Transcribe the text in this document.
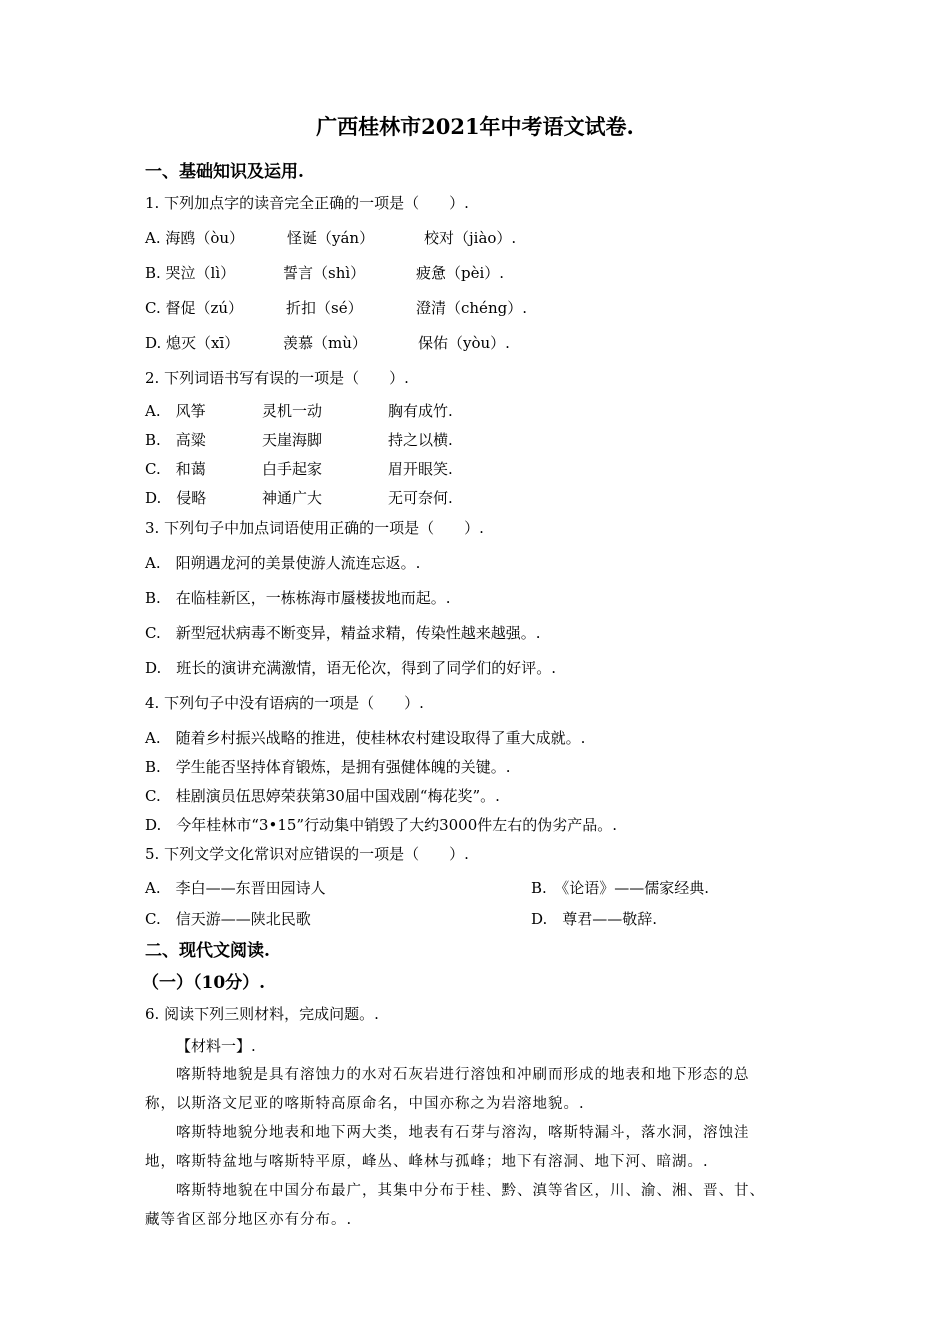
广西桂林市2021年中考语文试卷.
一、基础知识及运用.
1. 下列加点字的读音完全正确的一项是（　　）.
A. 海鸥（òu）	怪诞（yán）	校对（jiào）.
B. 哭泣（lì）	誓言（shì）	疲惫（pèi）.
C. 督促（zú）	折扣（sé）	澄清（chéng）.
D. 熄灭（xī）	羡慕（mù）	保佑（yòu）.
2. 下列词语书写有误的一项是（　　）.
A.　风筝	灵机一动	胸有成竹.
B.　高粱	天崖海脚	持之以横.
C.　和蔼	白手起家	眉开眼笑.
D.　侵略	神通广大	无可奈何.
3. 下列句子中加点词语使用正确的一项是（　　）.
A.　阳朔遇龙河的美景使游人流连忘返。.
B.　在临桂新区，一栋栋海市蜃楼拔地而起。.
C.　新型冠状病毒不断变异，精益求精，传染性越来越强。.
D.　班长的演讲充满激情，语无伦次，得到了同学们的好评。.
4. 下列句子中没有语病的一项是（　　）.
A.　随着乡村振兴战略的推进，使桂林农村建设取得了重大成就。.
B.　学生能否坚持体育锻炼，是拥有强健体魄的关键。.
C.　桂剧演员伍思婷荣获第30届中国戏剧“梅花奖”。.
D.　今年桂林市“3•15”行动集中销毁了大约3000件左右的伪劣产品。.
5. 下列文学文化常识对应错误的一项是（　　）.
A.　李白——东晋田园诗人	B.　《论语》——儒家经典.
C.　信天游——陕北民歌	D.　尊君——敬辞.
二、现代文阅读.
（一）（10分）.
6. 阅读下列三则材料，完成问题。.
【材料一】.
喀斯特地貌是具有溶蚀力的水对石灰岩进行溶蚀和冲刷而形成的地表和地下形态的总
称，以斯洛文尼亚的喀斯特高原命名，中国亦称之为岩溶地貌。.
喀斯特地貌分地表和地下两大类，地表有石芽与溶沟，喀斯特漏斗，落水洞，溶蚀洼
地，喀斯特盆地与喀斯特平原，峰丛、峰林与孤峰；地下有溶洞、地下河、暗湖。.
喀斯特地貌在中国分布最广，其集中分布于桂、黔、滇等省区，川、渝、湘、晋、甘、
藏等省区部分地区亦有分布。.
